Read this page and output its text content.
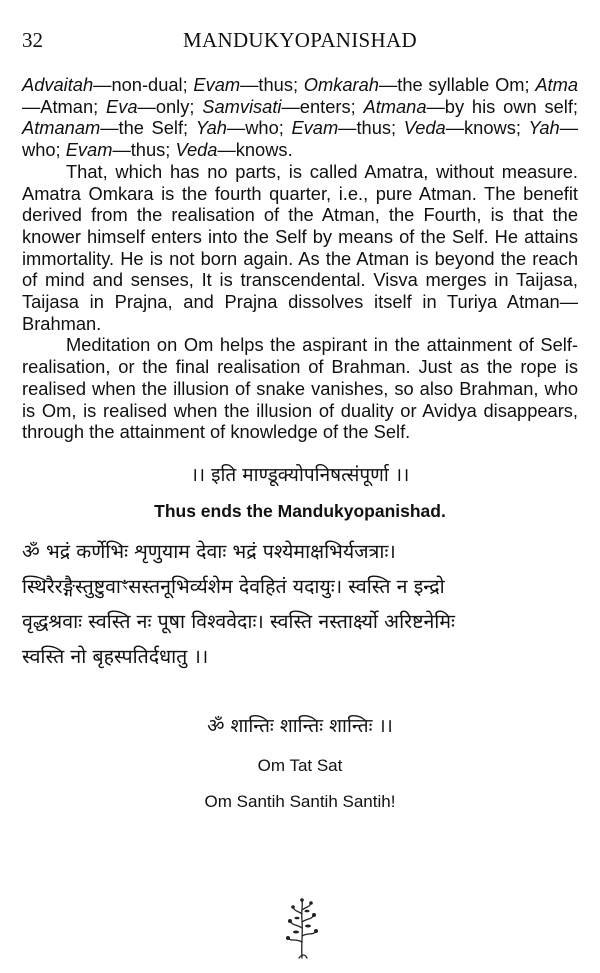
32	MANDUKYOPANISHAD

Advaitah—non-dual; Evam—thus; Omkarah—the syllable Om; Atma—Atman; Eva—only; Samvisati—enters; Atmana—by his own self; Atmanam—the Self; Yah—who; Evam—thus; Veda—knows; Yah—who; Evam—thus; Veda—knows.

That, which has no parts, is called Amatra, without measure. Amatra Omkara is the fourth quarter, i.e., pure Atman. The benefit derived from the realisation of the Atman, the Fourth, is that the knower himself enters into the Self by means of the Self. He attains immortality. He is not born again. As the Atman is beyond the reach of mind and senses, It is transcendental. Visva merges in Taijasa, Taijasa in Prajna, and Prajna dissolves itself in Turiya Atman—Brahman.

Meditation on Om helps the aspirant in the attainment of Self-realisation, or the final realisation of Brahman. Just as the rope is realised when the illusion of snake vanishes, so also Brahman, who is Om, is realised when the illusion of duality or Avidya disappears, through the attainment of knowledge of the Self.

।। इति माण्डूक्योपनिषत्संपूर्णा ।।
Thus ends the Mandukyopanishad.
ॐ भद्रं कर्णेभिः शृणुयाम देवाः भद्रं पश्येमाक्षभिर्यजत्राः।
स्थिरैरङ्गैस्तुष्टुवाꣳसस्तनूभिर्व्यशेम देवहितं यदायुः। स्वस्ति न इन्द्रो
वृद्धश्रवाः स्वस्ति नः पूषा विश्ववेदाः। स्वस्ति नस्तार्क्ष्यो अरिष्टनेमिः
स्वस्ति नो बृहस्पतिर्दधातु ।।
ॐ शान्तिः शान्तिः शान्तिः ।।
Om Tat Sat
Om Santih Santih Santih!
